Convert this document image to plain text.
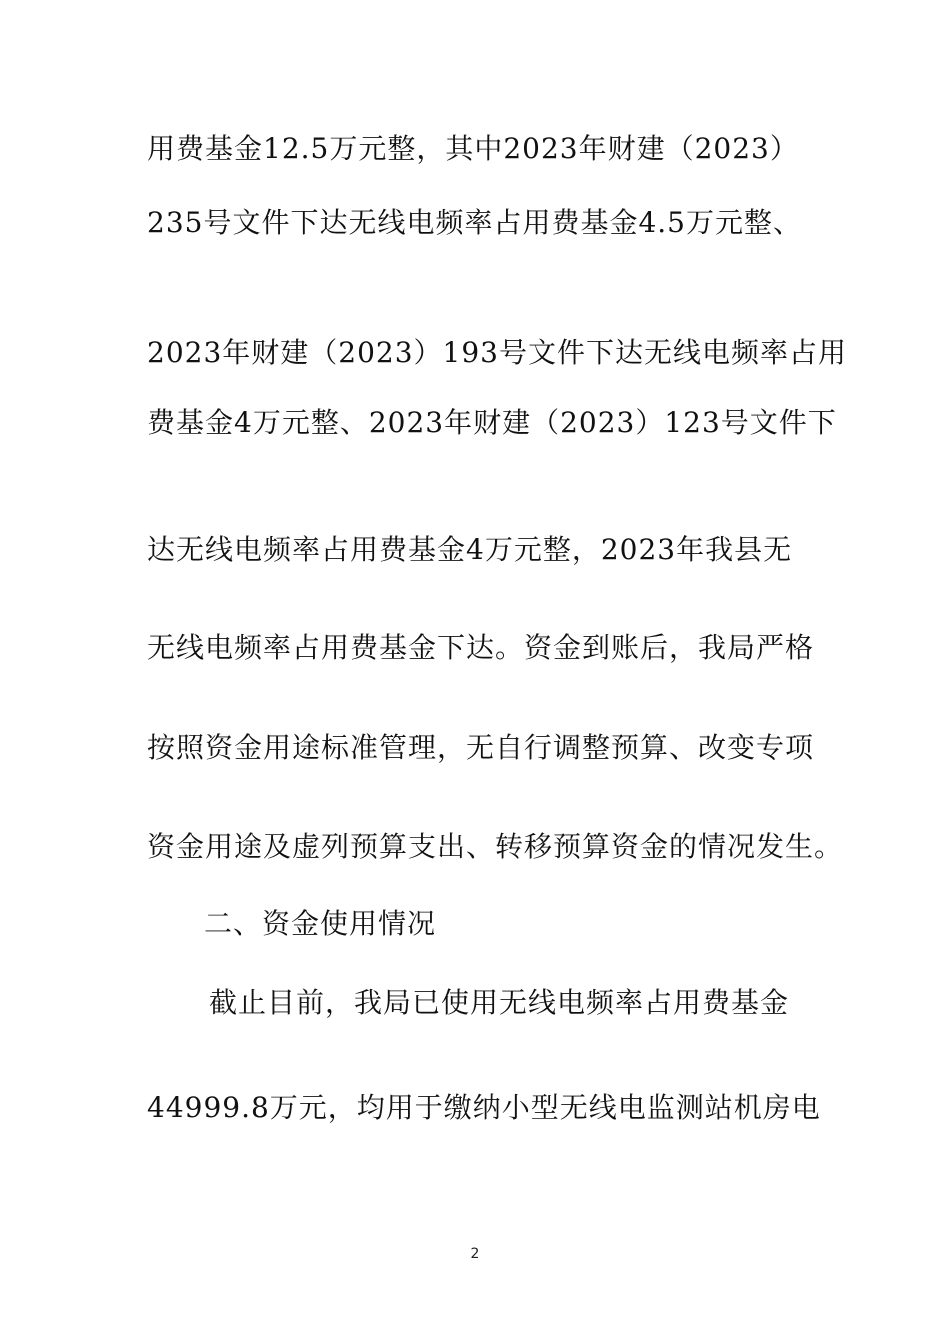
用费基金12.5万元整，其中2023年财建（2023）
235号文件下达无线电频率占用费基金4.5万元整、
2023年财建（2023）193号文件下达无线电频率占用
费基金4万元整、2023年财建（2023）123号文件下
达无线电频率占用费基金4万元整，2023年我县无
无线电频率占用费基金下达。资金到账后，我局严格
按照资金用途标准管理，无自行调整预算、改变专项
资金用途及虚列预算支出、转移预算资金的情况发生。
二、资金使用情况
截止目前，我局已使用无线电频率占用费基金
44999.8万元，均用于缴纳小型无线电监测站机房电
2
